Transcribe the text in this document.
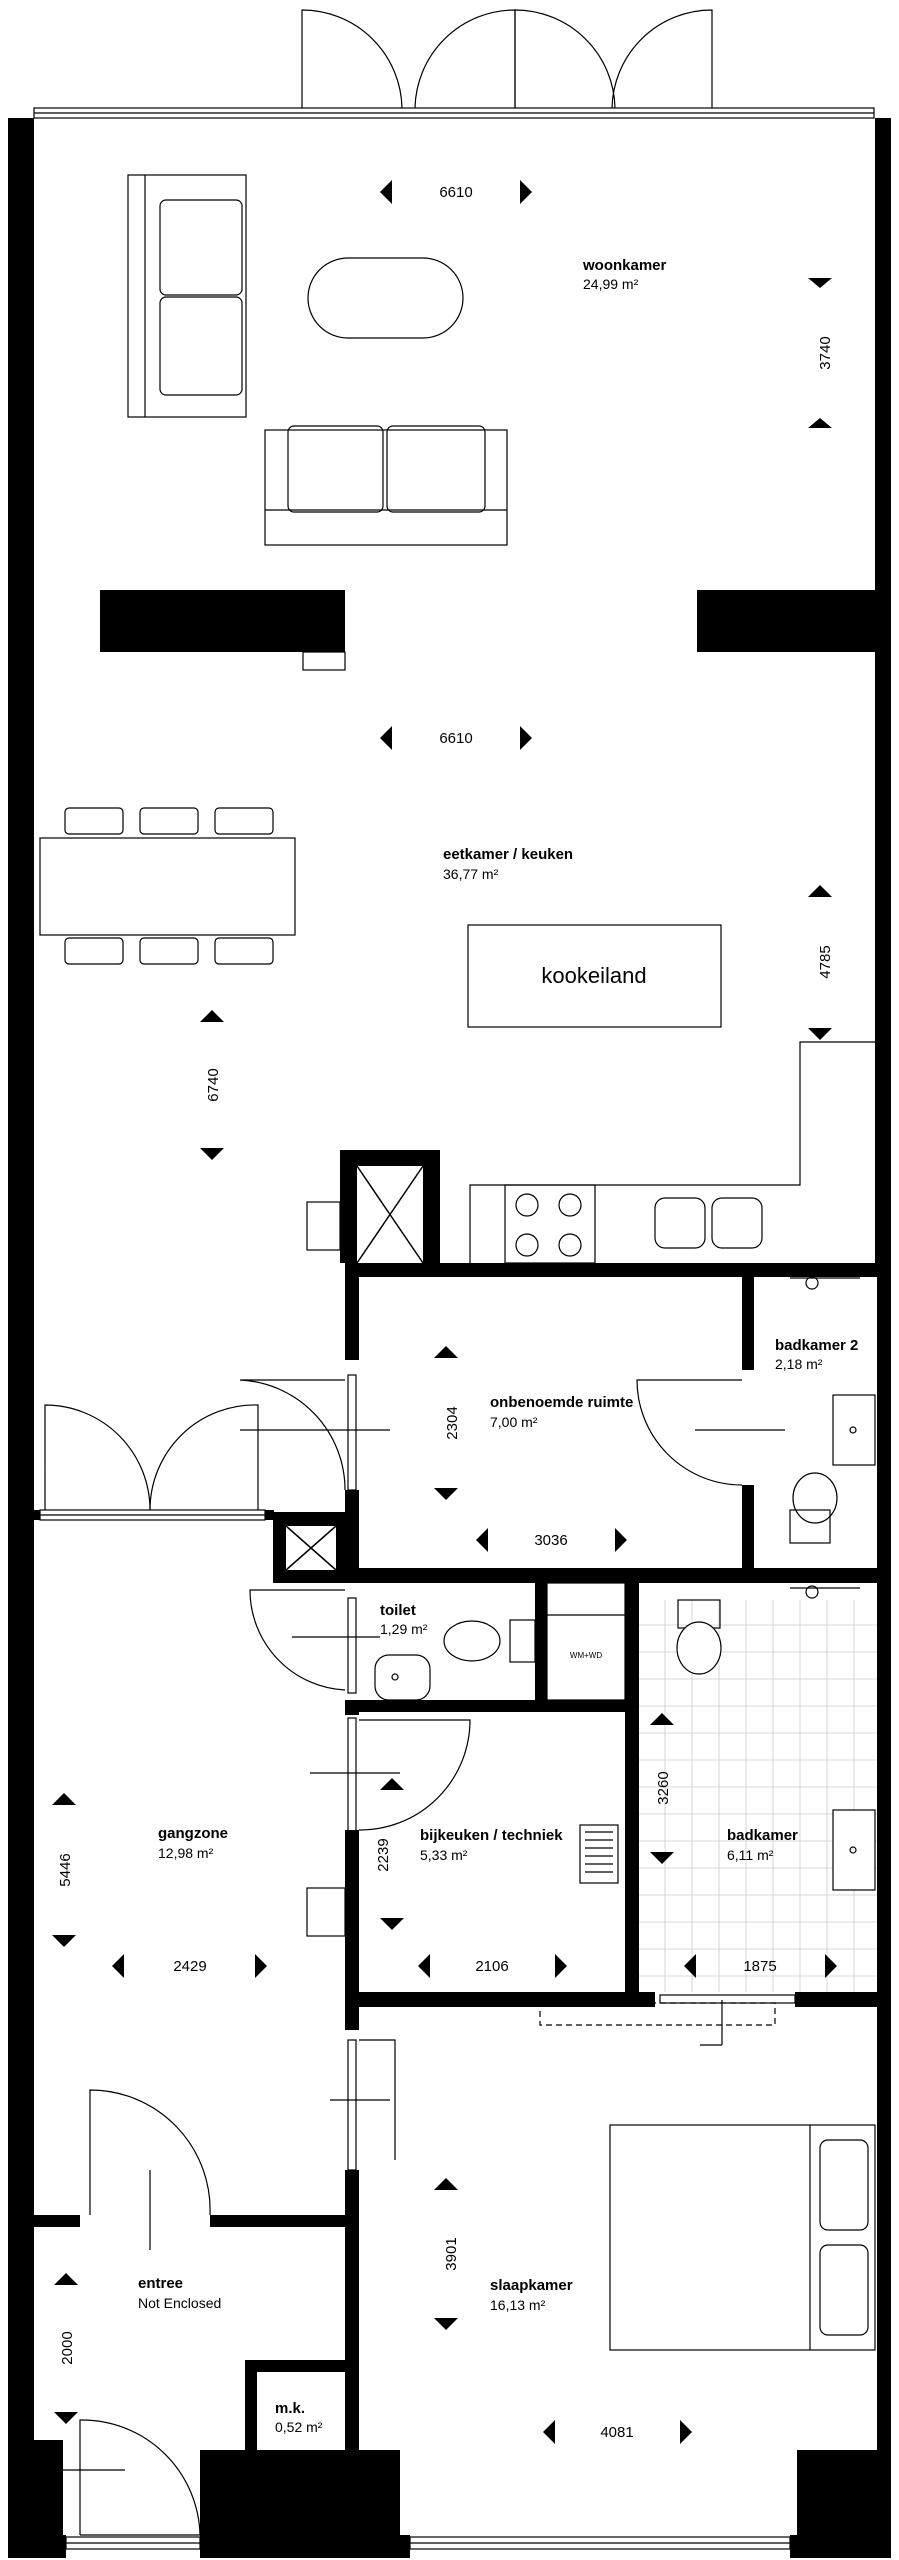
woonkamer
24,99 m²
eetkamer / keuken
36,77 m²
kookeiland
onbenoemde ruimte
7,00 m²
badkamer 2
2,18 m²
toilet
1,29 m²
WM+WD
bijkeuken / techniek
5,33 m²
badkamer
6,11 m²
gangzone
12,98 m²
slaapkamer
16,13 m²
entree
Not Enclosed
m.k.
0,52 m²
6610
3740
6610
4785
6740
2304
3036
2239
2106
3260
1875
5446
2429
3901
4081
2000
